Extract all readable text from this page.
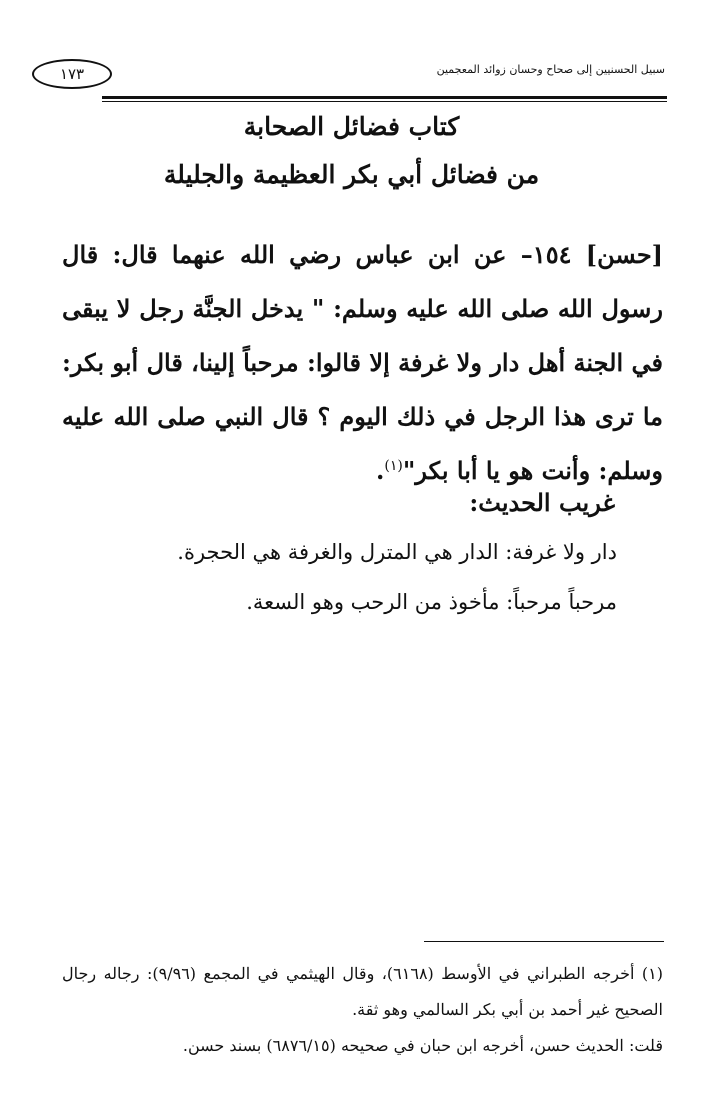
سبيل الحسنيين إلى صحاح وحسان زوائد المعجمين
١٧٣
كتاب فضائل الصحابة
من فضائل أبي بكر العظيمة والجليلة
[حسن] ١٥٤– عن ابن عباس رضي الله عنهما قال: قال رسول الله صلى الله عليه وسلم: " يدخل الجنَّة رجل لا يبقى في الجنة أهل دار ولا غرفة إلا قالوا: مرحباً إلينا، قال أبو بكر: ما ترى هذا الرجل في ذلك اليوم ؟ قال النبي صلى الله عليه وسلم: وأنت هو يا أبا بكر"$^{(١)}$.
غريب الحديث:
دار ولا غرفة: الدار هي المترل والغرفة هي الحجرة.
مرحباً مرحباً: مأخوذ من الرحب وهو السعة.

(١) أخرجه الطبراني في الأوسط (٦١٦٨)، وقال الهيثمي في المجمع (٩/٩٦): رجاله رجال الصحيح غير أحمد بن أبي بكر السالمي وهو ثقة.

قلت: الحديث حسن، أخرجه ابن حبان في صحيحه (٦٨٧٦/١٥) بسند حسن.
